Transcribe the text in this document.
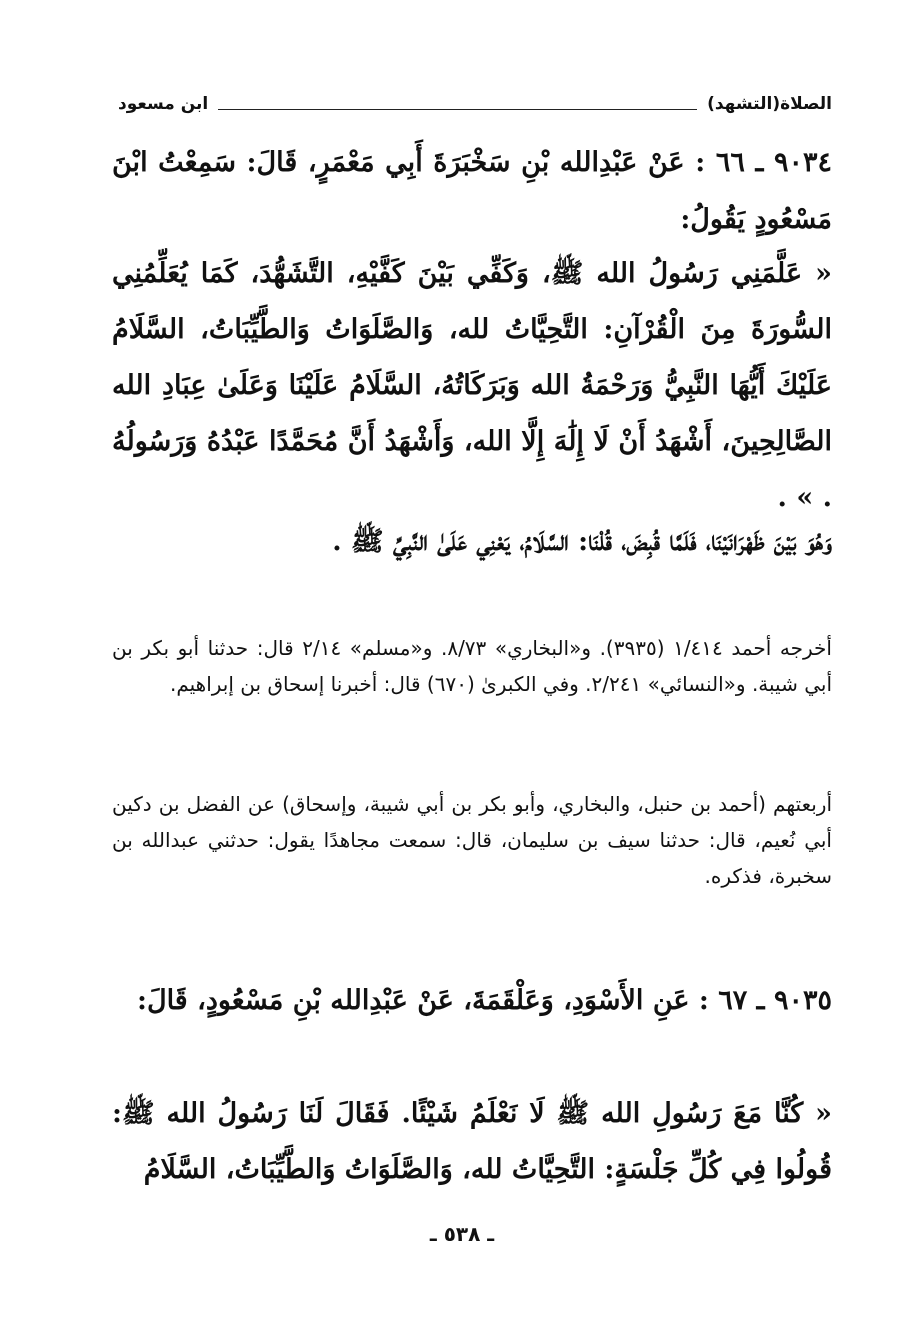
الصلاة(التشهد)
ابن مسعود
٩٠٣٤ ـ ٦٦ : عَنْ عَبْدِالله بْنِ سَخْبَرَةَ أَبِي مَعْمَرٍ، قَالَ: سَمِعْتُ ابْنَ مَسْعُودٍ يَقُولُ:
« عَلَّمَنِي رَسُولُ الله ﷺ، وَكَفِّي بَيْنَ كَفَّيْهِ، التَّشَهُّدَ، كَمَا يُعَلِّمُنِي السُّورَةَ مِنَ الْقُرْآنِ: التَّحِيَّاتُ لله، وَالصَّلَوَاتُ وَالطَّيِّبَاتُ، السَّلَامُ عَلَيْكَ أَيُّهَا النَّبِيُّ وَرَحْمَةُ الله وَبَرَكَاتُهُ، السَّلَامُ عَلَيْنَا وَعَلَىٰ عِبَادِ الله الصَّالِحِينَ، أَشْهَدُ أَنْ لَا إِلَٰهَ إِلَّا الله، وَأَشْهَدُ أَنَّ مُحَمَّدًا عَبْدُهُ وَرَسُولُهُ . » .
وَهُوَ بَيْنَ ظَهْرَانَيْنَا، فَلَمَّا قُبِضَ، قُلْنَا: السَّلَامُ، يَعْنِي عَلَىٰ النَّبِيِّ ﷺ .
أخرجه أحمد ١/٤١٤ (٣٩٣٥). و«البخاري» ٨/٧٣. و«مسلم» ٢/١٤ قال: حدثنا أبو بكر بن أبي شيبة. و«النسائي» ٢/٢٤١. وفي الكبرىٰ (٦٧٠) قال: أخبرنا إسحاق بن إبراهيم.
أربعتهم (أحمد بن حنبل، والبخاري، وأبو بكر بن أبي شيبة، وإسحاق) عن الفضل بن دكين أبي نُعيم، قال: حدثنا سيف بن سليمان، قال: سمعت مجاهدًا يقول: حدثني عبدالله بن سخبرة، فذكره.
٩٠٣٥ ـ ٦٧ : عَنِ الأَسْوَدِ، وَعَلْقَمَةَ، عَنْ عَبْدِالله بْنِ مَسْعُودٍ، قَالَ:
« كُنَّا مَعَ رَسُولِ الله ﷺ لَا نَعْلَمُ شَيْئًا. فَقَالَ لَنَا رَسُولُ الله ﷺ: قُولُوا فِي كُلِّ جَلْسَةٍ: التَّحِيَّاتُ لله، وَالصَّلَوَاتُ وَالطَّيِّبَاتُ، السَّلَامُ
ـ ٥٣٨ ـ
